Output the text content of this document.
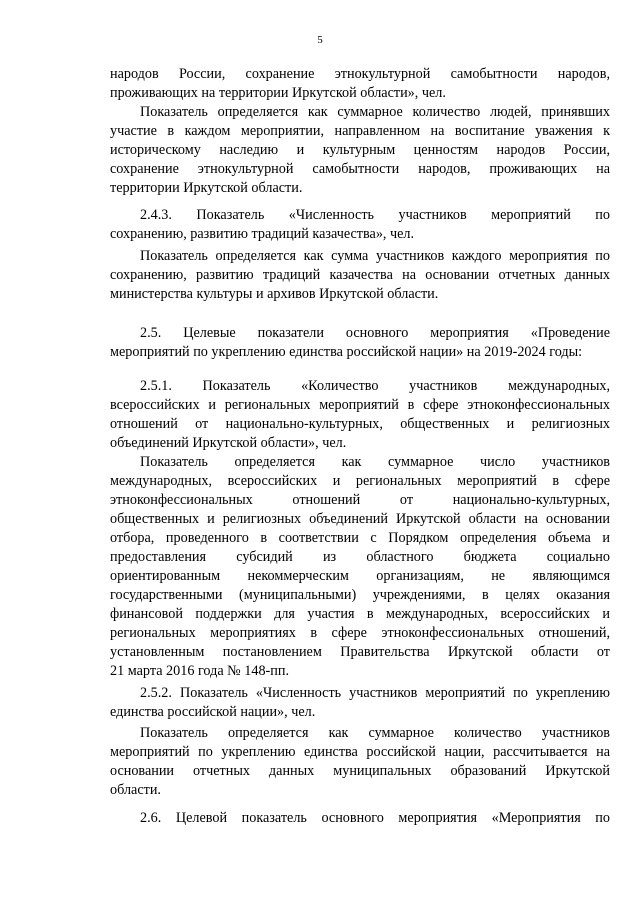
5
народов России, сохранение этнокультурной самобытности народов,
проживающих на территории Иркутской области», чел.
Показатель определяется как суммарное количество людей, принявших
участие в каждом мероприятии, направленном на воспитание уважения к
историческому наследию и культурным ценностям народов России,
сохранение этнокультурной самобытности народов, проживающих на
территории Иркутской области.
2.4.3. Показатель «Численность участников мероприятий по
сохранению, развитию традиций казачества», чел.
Показатель определяется как сумма участников каждого мероприятия по
сохранению, развитию традиций казачества на основании отчетных данных
министерства культуры и архивов Иркутской области.
2.5. Целевые показатели основного мероприятия «Проведение
мероприятий по укреплению единства российской нации» на 2019-2024 годы:
2.5.1. Показатель «Количество участников международных,
всероссийских и региональных мероприятий в сфере этноконфессиональных
отношений от национально-культурных, общественных и религиозных
объединений Иркутской области», чел.
Показатель определяется как суммарное число участников
международных, всероссийских и региональных мероприятий в сфере
этноконфессиональных отношений от национально-культурных,
общественных и религиозных объединений Иркутской области на основании
отбора, проведенного в соответствии с Порядком определения объема и
предоставления субсидий из областного бюджета социально
ориентированным некоммерческим организациям, не являющимся
государственными (муниципальными) учреждениями, в целях оказания
финансовой поддержки для участия в международных, всероссийских и
региональных мероприятиях в сфере этноконфессиональных отношений,
установленным постановлением Правительства Иркутской области от
21 марта 2016 года № 148-пп.
2.5.2. Показатель «Численность участников мероприятий по укреплению
единства российской нации», чел.
Показатель определяется как суммарное количество участников
мероприятий по укреплению единства российской нации, рассчитывается на
основании отчетных данных муниципальных образований Иркутской
области.
2.6. Целевой показатель основного мероприятия «Мероприятия по
